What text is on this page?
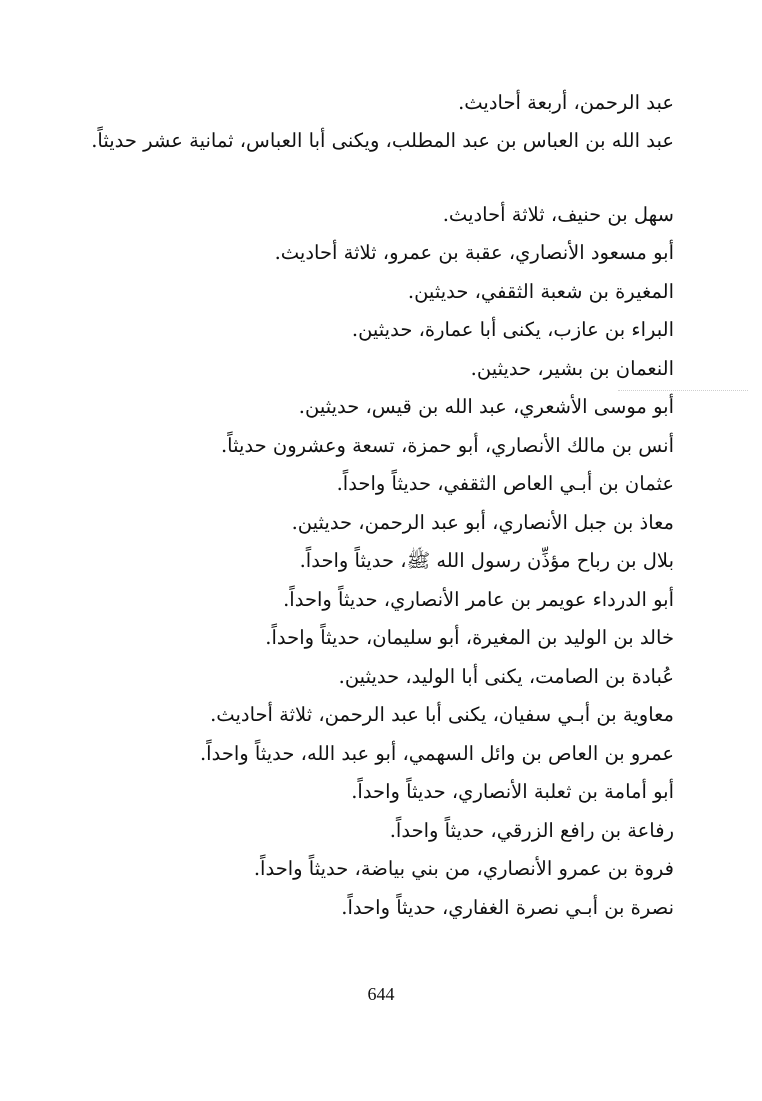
عبد الرحمن، أربعة أحاديث.
عبد الله بن العباس بن عبد المطلب، ويكنى أبا العباس، ثمانية عشر حديثاً.
سهل بن حنيف، ثلاثة أحاديث.
أبو مسعود الأنصاري، عقبة بن عمرو، ثلاثة أحاديث.
المغيرة بن شعبة الثقفي، حديثين.
البراء بن عازب، يكنى أبا عمارة، حديثين.
النعمان بن بشير، حديثين.
أبو موسى الأشعري، عبد الله بن قيس، حديثين.
أنس بن مالك الأنصاري، أبو حمزة، تسعة وعشرون حديثاً.
عثمان بن أبـي العاص الثقفي، حديثاً واحداً.
معاذ بن جبل الأنصاري، أبو عبد الرحمن، حديثين.
بلال بن رباح مؤذِّن رسول الله ﷺ، حديثاً واحداً.
أبو الدرداء عويمر بن عامر الأنصاري، حديثاً واحداً.
خالد بن الوليد بن المغيرة، أبو سليمان، حديثاً واحداً.
عُبادة بن الصامت، يكنى أبا الوليد، حديثين.
معاوية بن أبـي سفيان، يكنى أبا عبد الرحمن، ثلاثة أحاديث.
عمرو بن العاص بن وائل السهمي، أبو عبد الله، حديثاً واحداً.
أبو أمامة بن ثعلبة الأنصاري، حديثاً واحداً.
رفاعة بن رافع الزرقي، حديثاً واحداً.
فروة بن عمرو الأنصاري، من بني بياضة، حديثاً واحداً.
نصرة بن أبـي نصرة الغفاري، حديثاً واحداً.
644
